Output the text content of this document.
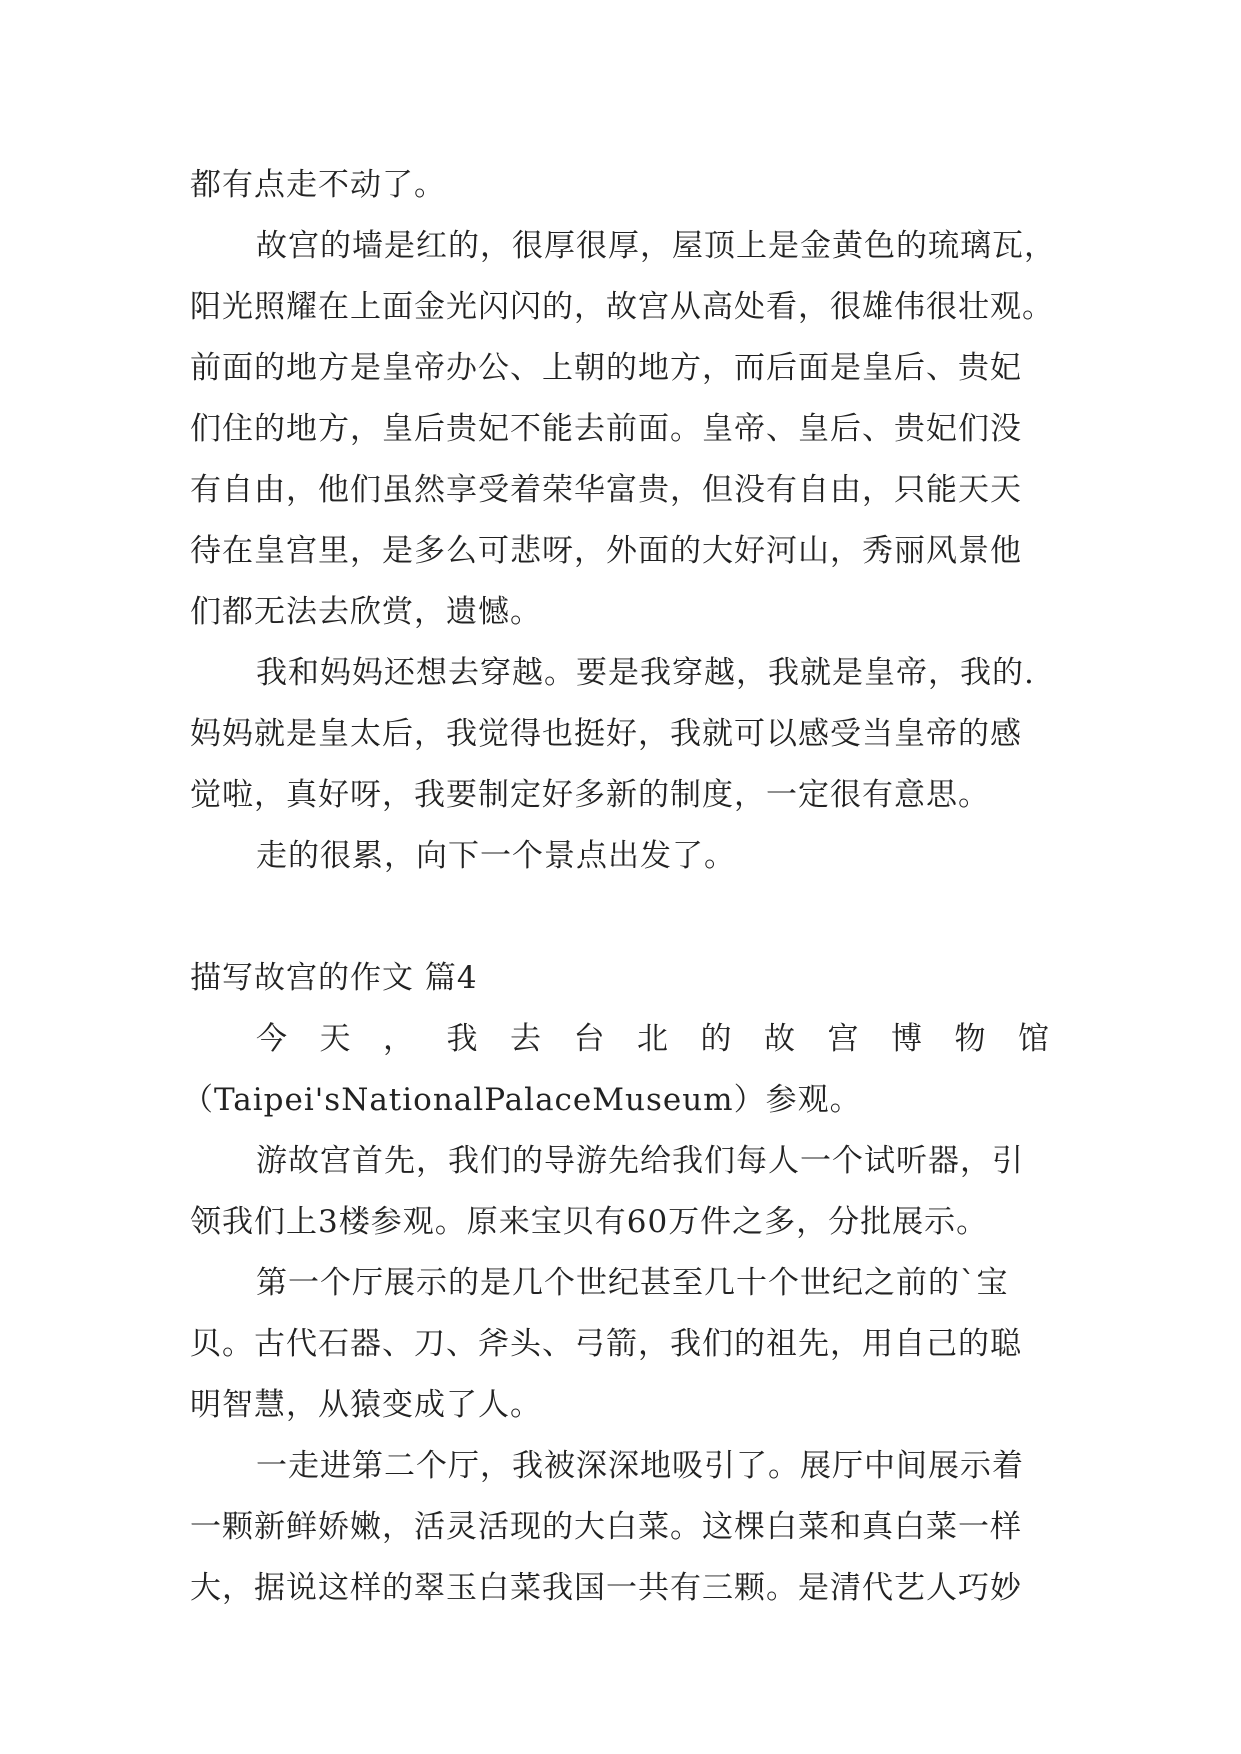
都有点走不动了。
故宫的墙是红的，很厚很厚，屋顶上是金黄色的琉璃瓦，
阳光照耀在上面金光闪闪的，故宫从高处看，很雄伟很壮观。
前面的地方是皇帝办公、上朝的地方，而后面是皇后、贵妃
们住的地方，皇后贵妃不能去前面。皇帝、皇后、贵妃们没
有自由，他们虽然享受着荣华富贵，但没有自由，只能天天
待在皇宫里，是多么可悲呀，外面的大好河山，秀丽风景他
们都无法去欣赏，遗憾。
我和妈妈还想去穿越。要是我穿越，我就是皇帝，我的.
妈妈就是皇太后，我觉得也挺好，我就可以感受当皇帝的感
觉啦，真好呀，我要制定好多新的制度，一定很有意思。
走的很累，向下一个景点出发了。
描写故宫的作文 篇4
今 天 ， 我 去 台 北 的 故 宫 博 物 馆
（Taipei'sNationalPalaceMuseum）参观。
游故宫首先，我们的导游先给我们每人一个试听器，引
领我们上3楼参观。原来宝贝有60万件之多，分批展示。
第一个厅展示的是几个世纪甚至几十个世纪之前的`宝
贝。古代石器、刀、斧头、弓箭，我们的祖先，用自己的聪
明智慧，从猿变成了人。
一走进第二个厅，我被深深地吸引了。展厅中间展示着
一颗新鲜娇嫩，活灵活现的大白菜。这棵白菜和真白菜一样
大，据说这样的翠玉白菜我国一共有三颗。是清代艺人巧妙
